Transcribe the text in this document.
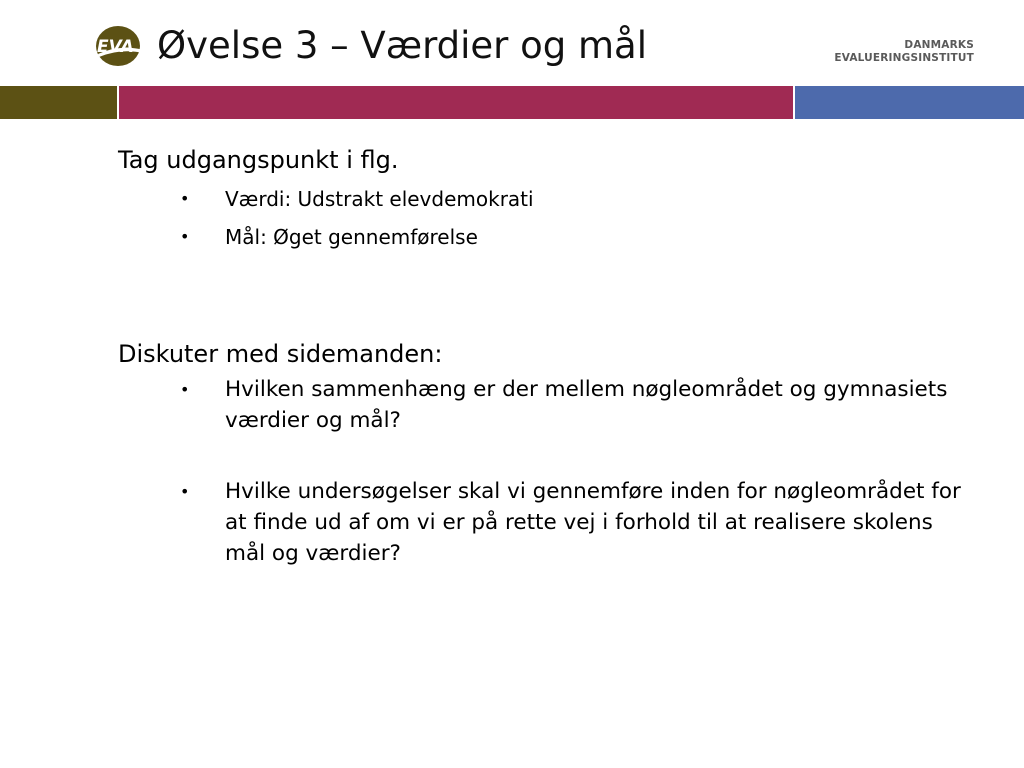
EVA Øvelse 3 – Værdier og mål	DANMARKS
EVALUERINGSINSTITUT

Tag udgangspunkt i flg.

• Værdi: Udstrakt elevdemokrati
• Mål: Øget gennemførelse

Diskuter med sidemanden:

• Hvilken sammenhæng er der mellem nøgleområdet og gymnasiets værdier og mål?
• Hvilke undersøgelser skal vi gennemføre inden for nøgleområdet for at finde ud af om vi er på rette vej i forhold til at realisere skolens mål og værdier?
